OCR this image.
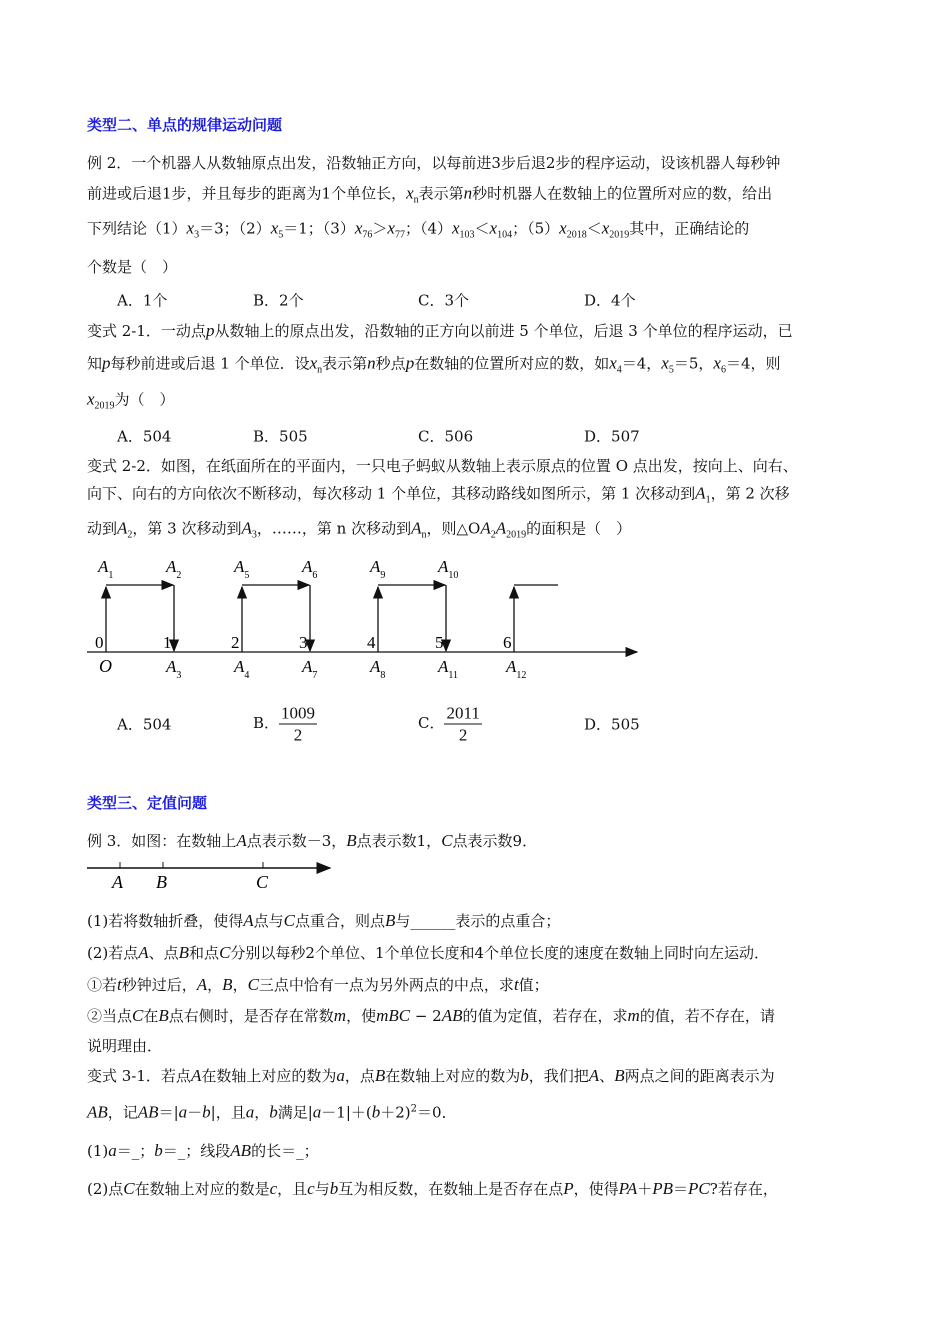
类型二、单点的规律运动问题
例 2．一个机器人从数轴原点出发，沿数轴正方向，以每前进3步后退2步的程序运动，设该机器人每秒钟
前进或后退1步，并且每步的距离为1个单位长，$x_n$表示第n秒时机器人在数轴上的位置所对应的数，给出
下列结论$(1)x_3=3$；$(2)x_5=1$；$(3)x_{76}>x_{77}$；$(4)x_{103}<x_{104}$；$(5)x_{2018}<x_{2019}$其中，正确结论的
个数是（　）
变式 2-1．一动点p从数轴上的原点出发，沿数轴的正方向以前进 5 个单位，后退 3 个单位的程序运动，已
知p每秒前进或后退 1 个单位．设$x_n$表示第n秒点p在数轴的位置所对应的数，如$x_4=4$，$x_5=5$，$x_6=4$，则
$x_{2019}$为（　）
变式 2-2．如图，在纸面所在的平面内，一只电子蚂蚁从数轴上表示原点的位置 O 点出发，按向上、向右、
向下、向右的方向依次不断移动，每次移动 1 个单位，其移动路线如图所示，第 1 次移动到$A_1$，第 2 次移
动到$A_2$，第 3 次移动到$A_3$，……，第 n 次移动到$A_n$，则$\triangle OA_2A_{2019}$的面积是（　）
类型三、定值问题
例 3．如图：在数轴上A点表示数－3，B点表示数1，C点表示数9．
(1)若将数轴折叠，使得A点与C点重合，则点B与______表示的点重合；
(2)若点A、点B和点C分别以每秒2个单位、1个单位长度和4个单位长度的速度在数轴上同时向左运动．
①若t秒钟过后，A，B，C三点中恰有一点为另外两点的中点，求t值；
②当点C在B点右侧时，是否存在常数m，使mBC − 2AB的值为定值，若存在，求m的值，若不存在，请
说明理由．
变式 3-1．若点A在数轴上对应的数为a，点B在数轴上对应的数为b，我们把A、B两点之间的距离表示为
AB，记AB＝|a－b|，且a，b满足$|a-1|+(b+2)^2=0$．
(1)a＝_；b＝_；线段AB的长＝_；
(2)点C在数轴上对应的数是c，且c与b互为相反数，在数轴上是否存在点P，使得PA＋PB＝PC?若存在，
A．1个	B．2个	C．3个	D．4个
A．504	B．505	C．506	D．507
A．504	B． $\frac{1009}{2}$	C． $\frac{2011}{2}$	D．505
0	1	2	3	4	5	6
O
$A_1$	$A_2$	$A_5$	$A_6$	$A_9$	$A_{10}$
$A_3$	$A_4$	$A_7$	$A_8$	$A_{11}$	$A_{12}$
A B	C
